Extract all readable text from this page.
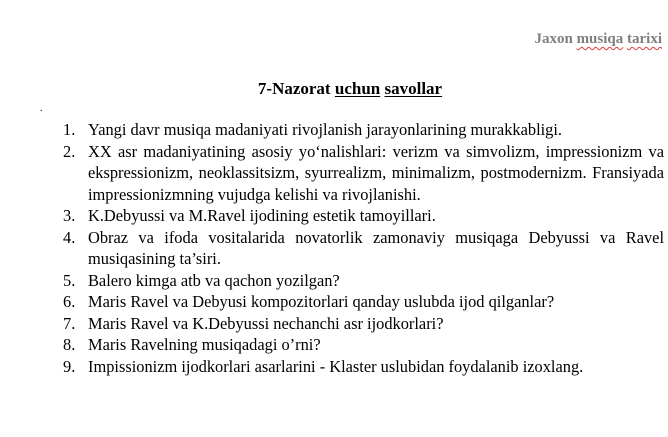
Jaxon musiqa tarixi
7-Nazorat uchun savollar
.
1. Yangi davr musiqa madaniyati rivojlanish jarayonlarining murakkabligi.
2. XX asr madaniyatining asosiy yo‘nalishlari: verizm va simvolizm, impressionizm va ekspressionizm, neoklassitsizm, syurrealizm, minimalizm, postmodernizm. Fransiyada impressionizmning vujudga kelishi va rivojlanishi.
3. K.Debyussi va M.Ravel ijodining estetik tamoyillari.
4. Obraz va ifoda vositalarida novatorlik zamonaviy musiqaga Debyussi va Ravel musiqasining ta’siri.
5. Balero kimga atb va qachon yozilgan?
6. Maris Ravel va Debyusi kompozitorlari qanday uslubda ijod qilganlar?
7. Maris Ravel va K.Debyussi nechanchi asr ijodkorlari?
8. Maris Ravelning musiqadagi o’rni?
9. Impissionizm ijodkorlari asarlarini - Klaster uslubidan foydalanib izoxlang.
